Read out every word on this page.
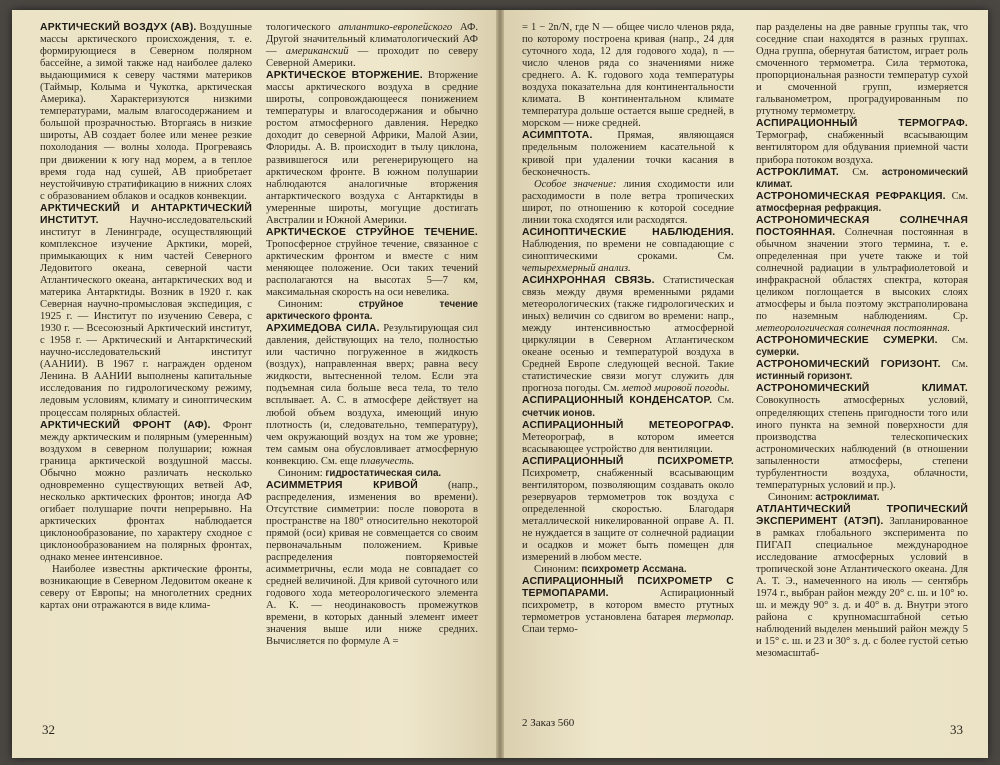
АРКТИЧЕСКИЙ ВОЗДУХ (АВ). Воздушные массы арктического происхождения, т. е. формирующиеся в Северном полярном бассейне, а зимой также над наиболее далеко выдающимися к северу частями материков (Таймыр, Колыма и Чукотка, арктическая Америка). Характеризуются низкими температурами, малым влагосодержанием и большой прозрачностью. Вторгаясь в низкие широты, АВ создает более или менее резкие похолодания — волны холода. Прогреваясь при движении к югу над морем, а в теплое время года над сушей, АВ приобретает неустойчивую стратификацию в нижних слоях с образованием облаков и осадков конвекции.

АРКТИЧЕСКИЙ И АНТАРКТИЧЕСКИЙ ИНСТИТУТ. Научно-исследовательский институт в Ленинграде, осуществляющий комплексное изучение Арктики, морей, примыкающих к ним частей Северного Ледовитого океана, северной части Атлантического океана, антарктических вод и материка Антарктиды. Возник в 1920 г. как Северная научно-промысловая экспедиция, с 1925 г. — Институт по изучению Севера, с 1930 г. — Всесоюзный Арктический институт, с 1958 г. — Арктический и Антарктический научно-исследовательский институт (ААНИИ). В 1967 г. награжден орденом Ленина. В ААНИИ выполнены капитальные исследования по гидрологическому режиму, ледовым условиям, климату и синоптическим процессам полярных областей.

АРКТИЧЕСКИЙ ФРОНТ (АФ). Фронт между арктическим и полярным (умеренным) воздухом в северном полушарии; южная граница арктической воздушной массы. Обычно можно различать несколько одновременно существующих ветвей АФ, несколько арктических фронтов; иногда АФ огибает полушарие почти непрерывно. На арктических фронтах наблюдается циклонообразование, по характеру сходное с циклонообразованием на полярных фронтах, однако менее интенсивное.

Наиболее известны арктические фронты, возникающие в Северном Ледовитом океане к северу от Европы; на многолетних средних картах они отражаются в виде клима-

тологического атлантико-европейского АФ. Другой значительный климатологический АФ — американский — проходит по северу Северной Америки.

АРКТИЧЕСКОЕ ВТОРЖЕНИЕ. Вторжение массы арктического воздуха в средние широты, сопровождающееся понижением температуры и влагосодержания и обычно ростом атмосферного давления. Нередко доходит до северной Африки, Малой Азии, Флориды. А. В. происходит в тылу циклона, развившегося или регенерирующего на арктическом фронте. В южном полушарии наблюдаются аналогичные вторжения антарктического воздуха с Антарктиды в умеренные широты, могущие достигать Австралии и Южной Америки.

АРКТИЧЕСКОЕ СТРУЙНОЕ ТЕЧЕНИЕ. Тропосферное струйное течение, связанное с арктическим фронтом и вместе с ним меняющее положение. Оси таких течений располагаются на высотах 5—7 км, максимальная скорость на оси невелика.

Синоним: струйное течение арктического фронта.

АРХИМЕДОВА СИЛА. Результирующая сил давления, действующих на тело, полностью или частично погруженное в жидкость (воздух), направленная вверх; равна весу жидкости, вытесненной телом. Если эта подъемная сила больше веса тела, то тело всплывает. А. С. в атмосфере действует на любой объем воздуха, имеющий иную плотность (и, следовательно, температуру), чем окружающий воздух на том же уровне; тем самым она обусловливает атмосферную конвекцию. См. еще плавучесть.

Синоним: гидростатическая сила.

АСИММЕТРИЯ КРИВОЙ (напр., распределения, изменения во времени). Отсутствие симметрии: после поворота в пространстве на 180° относительно некоторой прямой (оси) кривая не совмещается со своим первоначальным положением. Кривые распределения повторяемостей асимметричны, если мода не совпадает со средней величиной. Для кривой суточного или годового хода метеорологического элемента А. К. — неодинаковость промежутков времени, в которых данный элемент имеет значения выше или ниже средних. Вычисляется по формуле A =

32

= 1 − 2n/N, где N — общее число членов ряда, по которому построена кривая (напр., 24 для суточного хода, 12 для годового хода), n — число членов ряда со значениями ниже среднего. А. К. годового хода температуры воздуха показательна для континентальности климата. В континентальном климате температура дольше остается выше средней, в морском — ниже средней.

АСИМПТОТА. Прямая, являющаяся предельным положением касательной к кривой при удалении точки касания в бесконечность.

Особое значение: линия сходимости или расходимости в поле ветра тропических широт, по отношению к которой соседние линии тока сходятся или расходятся.

АСИНОПТИЧЕСКИЕ НАБЛЮДЕНИЯ. Наблюдения, по времени не совпадающие с синоптическими сроками. См. четырехмерный анализ.

АСИНХРОННАЯ СВЯЗЬ. Статистическая связь между двумя временными рядами метеорологических (также гидрологических и иных) величин со сдвигом во времени: напр., между интенсивностью атмосферной циркуляции в Северном Атлантическом океане осенью и температурой воздуха в Средней Европе следующей весной. Такие статистические связи могут служить для прогноза погоды. См. метод мировой погоды.

АСПИРАЦИОННЫЙ КОНДЕНСАТОР. См. счетчик ионов.

АСПИРАЦИОННЫЙ МЕТЕОРОГРАФ. Метеорограф, в котором имеется всасывающее устройство для вентиляции.

АСПИРАЦИОННЫЙ ПСИХРОМЕТР. Психрометр, снабженный всасывающим вентилятором, позволяющим создавать около резервуаров термометров ток воздуха с определенной скоростью. Благодаря металлической никелированной оправе А. П. не нуждается в защите от солнечной радиации и осадков и может быть помещен для измерений в любом месте.

Синоним: психрометр Ассмана.

АСПИРАЦИОННЫЙ ПСИХРОМЕТР С ТЕРМОПАРАМИ. Аспирационный психрометр, в котором вместо ртутных термометров установлена батарея термопар. Спаи термо-

пар разделены на две равные группы так, что соседние спаи находятся в разных группах. Одна группа, обернутая батистом, играет роль смоченного термометра. Сила термотока, пропорциональная разности температур сухой и смоченной групп, измеряется гальванометром, проградуированным по ртутному термометру.

АСПИРАЦИОННЫЙ ТЕРМОГРАФ. Термограф, снабженный всасывающим вентилятором для обдувания приемной части прибора потоком воздуха.

АСТРОКЛИМАТ. См. астрономический климат.

АСТРОНОМИЧЕСКАЯ РЕФРАКЦИЯ. См. атмосферная рефракция.

АСТРОНОМИЧЕСКАЯ СОЛНЕЧНАЯ ПОСТОЯННАЯ. Солнечная постоянная в обычном значении этого термина, т. е. определенная при учете также и той солнечной радиации в ультрафиолетовой и инфракрасной областях спектра, которая целиком поглощается в высоких слоях атмосферы и была поэтому экстраполирована по наземным наблюдениям. Ср. метеорологическая солнечная постоянная.

АСТРОНОМИЧЕСКИЕ СУМЕРКИ. См. сумерки.

АСТРОНОМИЧЕСКИЙ ГОРИЗОНТ. См. истинный горизонт.

АСТРОНОМИЧЕСКИЙ КЛИМАТ. Совокупность атмосферных условий, определяющих степень пригодности того или иного пункта на земной поверхности для производства телескопических астрономических наблюдений (в отношении запыленности атмосферы, степени турбулентности воздуха, облачности, температурных условий и пр.).

Синоним: астроклимат.

АТЛАНТИЧЕСКИЙ ТРОПИЧЕСКИЙ ЭКСПЕРИМЕНТ (АТЭП). Запланированное в рамках глобального эксперимента по ПИГАП специальное международное исследование атмосферных условий в тропической зоне Атлантического океана. Для А. Т. Э., намеченного на июль — сентябрь 1974 г., выбран район между 20° с. ш. и 10° ю. ш. и между 90° з. д. и 40° в. д. Внутри этого района с крупномасштабной сетью наблюдений выделен меньший район между 5 и 15° с. ш. и 23 и 30° з. д. с более густой сетью мезомасштаб-

2 Заказ 560	33
